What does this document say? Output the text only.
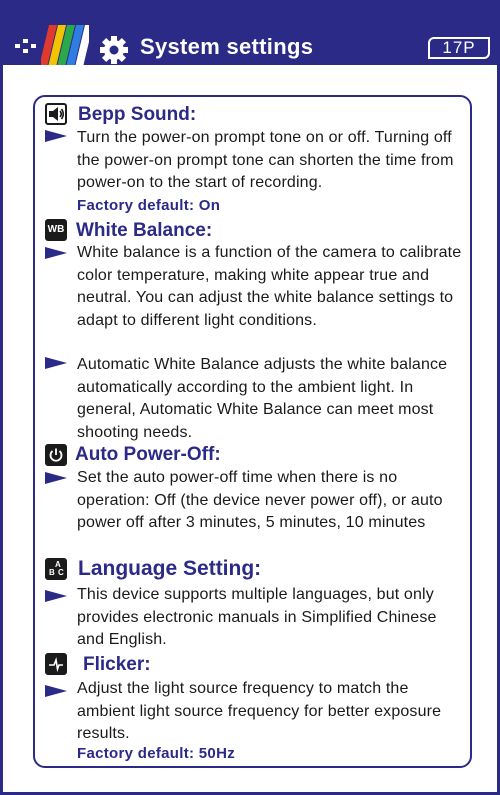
System settings	17P
Bepp Sound:
Turn the power-on prompt tone on or off. Turning off the power-on prompt tone can shorten the time from power-on to the start of recording.
Factory default: On
WB White Balance:
White balance is a function of the camera to calibrate color temperature, making white appear true and neutral. You can adjust the white balance settings to adapt to different light conditions.
Automatic White Balance adjusts the white balance automatically according to the ambient light. In general, Automatic White Balance can meet most shooting needs.
Auto Power-Off:
Set the auto power-off time when there is no operation: Off (the device never power off), or auto power off after 3 minutes, 5 minutes, 10 minutes
A
B C Language Setting:
This device supports multiple languages, but only provides electronic manuals in Simplified Chinese and English.
Flicker:
Adjust the light source frequency to match the ambient light source frequency for better exposure results.
Factory default: 50Hz
